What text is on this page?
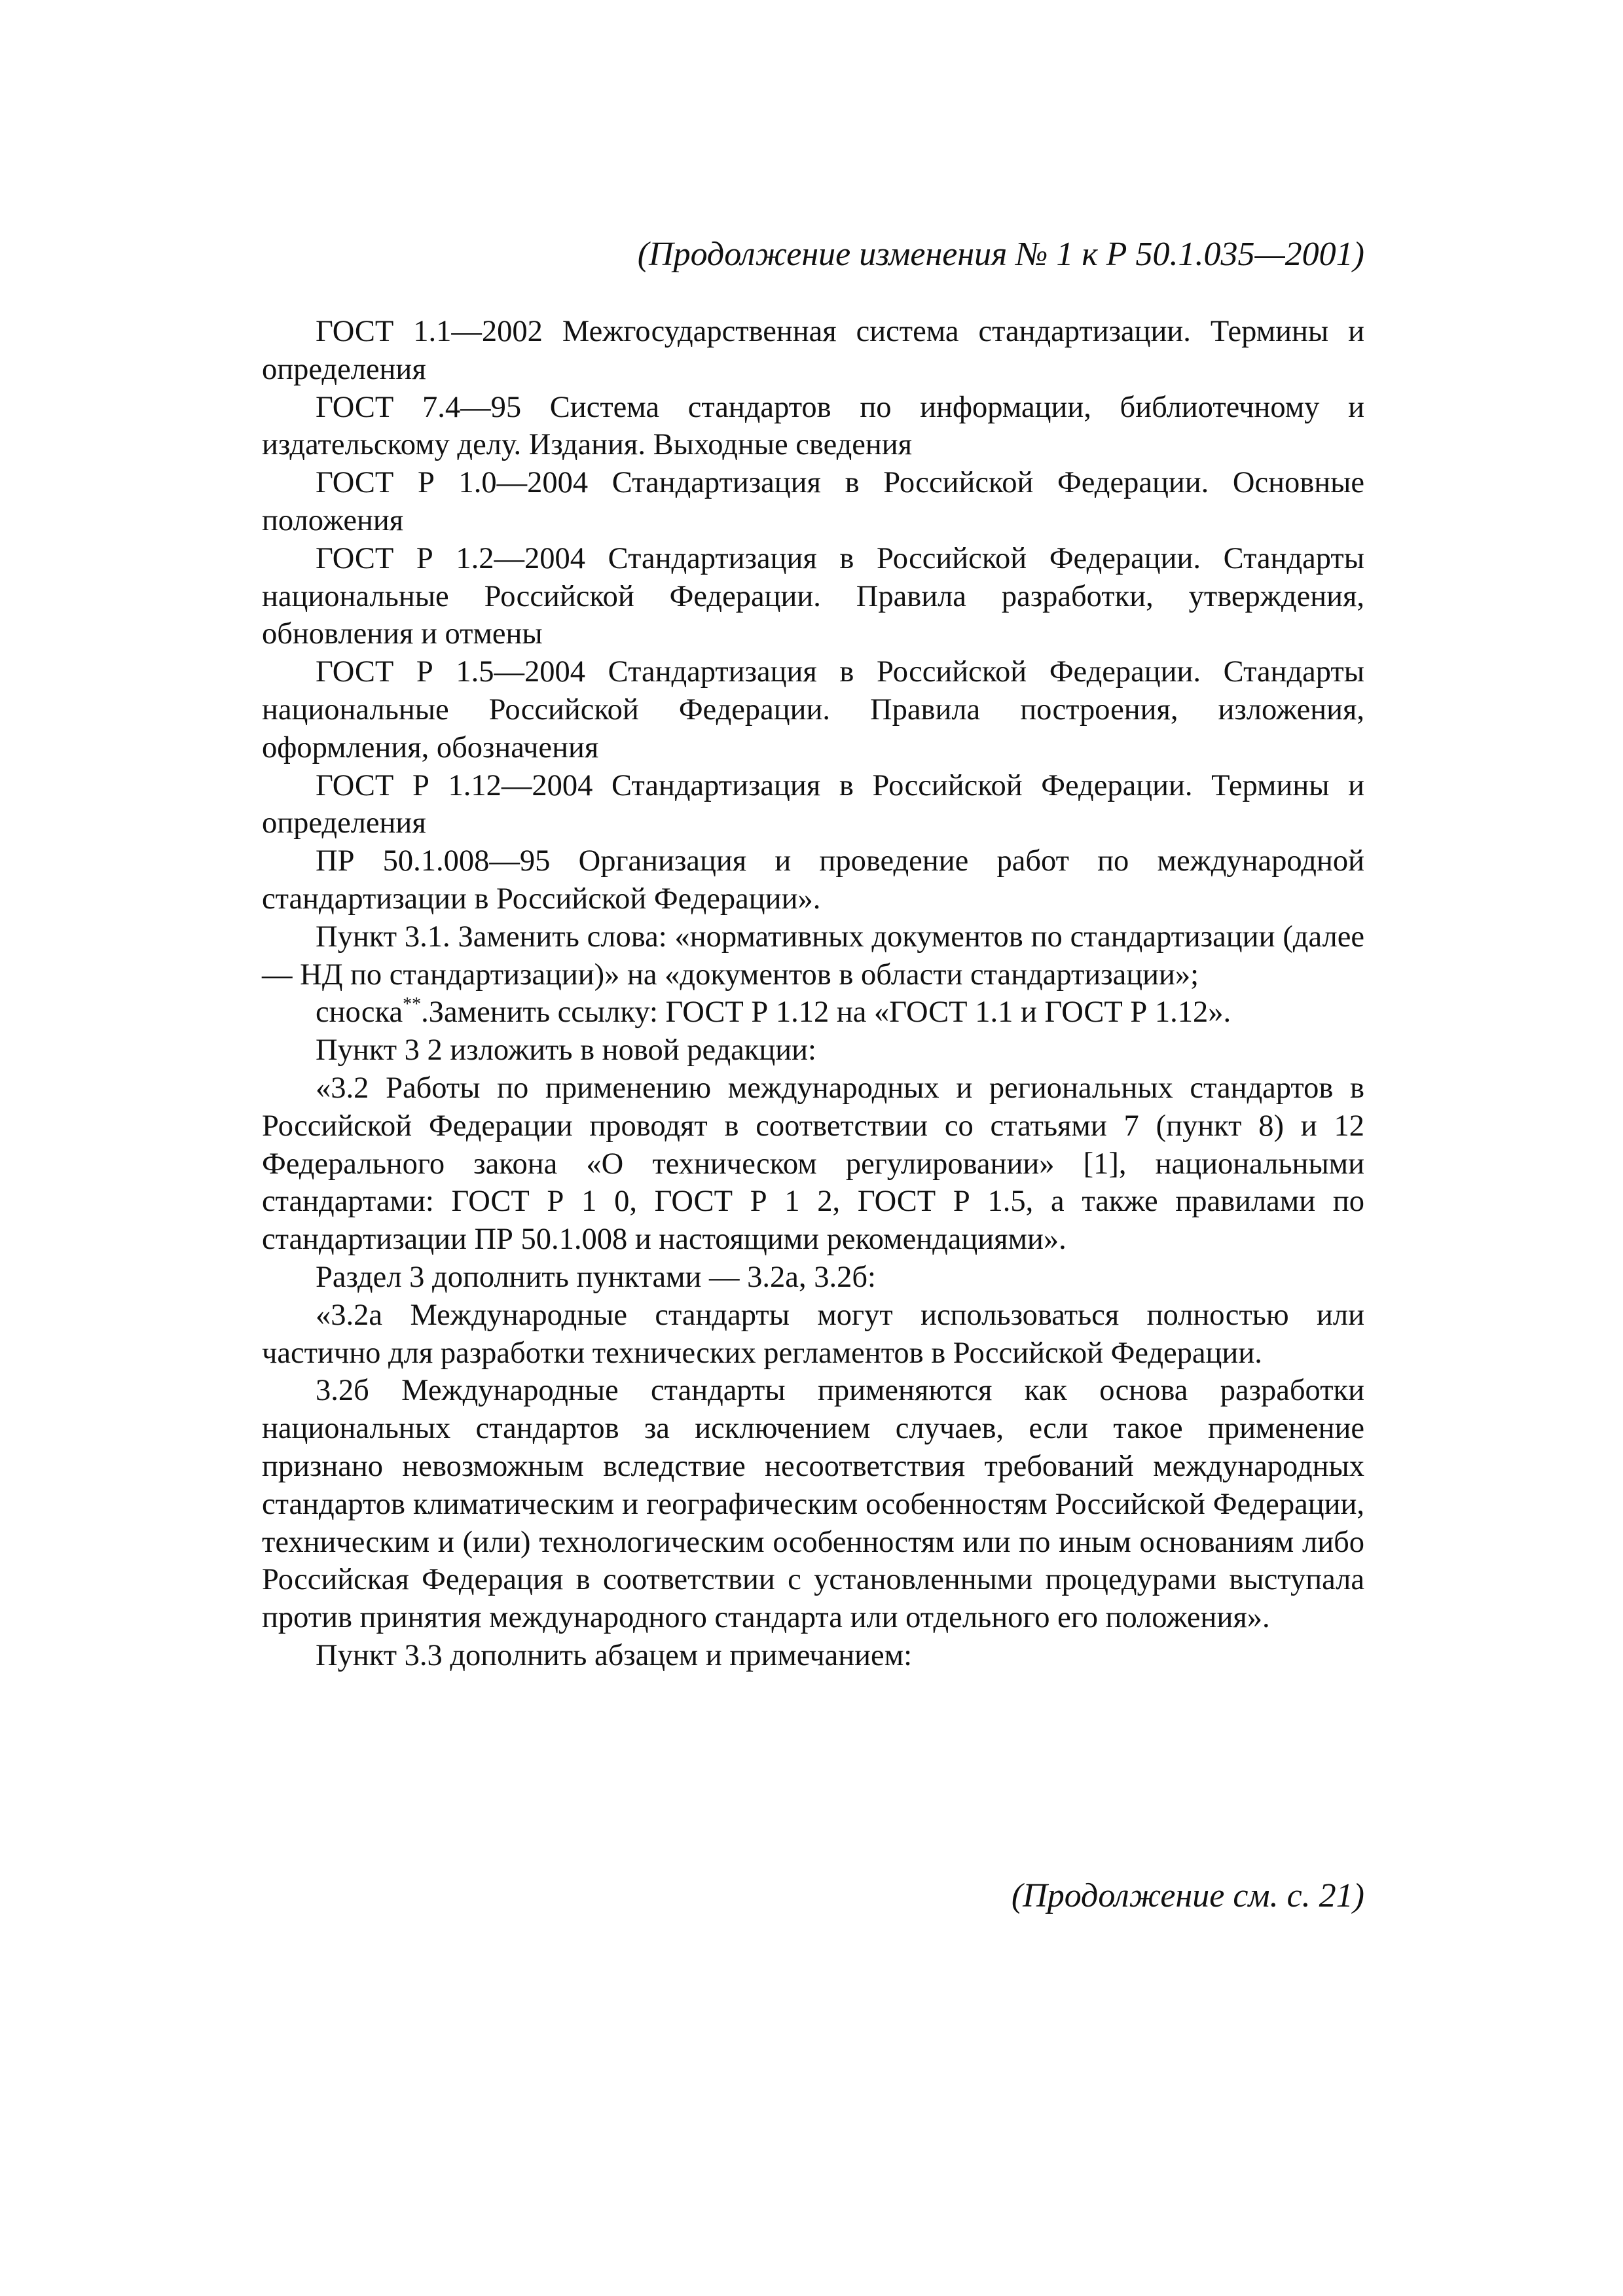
(Продолжение изменения № 1 к Р 50.1.035—2001)

ГОСТ 1.1—2002 Межгосударственная система стандартизации. Термины и определения

ГОСТ 7.4—95 Система стандартов по информации, библиотечному и издательскому делу. Издания. Выходные сведения

ГОСТ Р 1.0—2004 Стандартизация в Российской Федерации. Основные положения

ГОСТ Р 1.2—2004 Стандартизация в Российской Федерации. Стандарты национальные Российской Федерации. Правила разработки, утверждения, обновления и отмены

ГОСТ Р 1.5—2004 Стандартизация в Российской Федерации. Стандарты национальные Российской Федерации. Правила построения, изложения, оформления, обозначения

ГОСТ Р 1.12—2004 Стандартизация в Российской Федерации. Термины и определения

ПР 50.1.008—95 Организация и проведение работ по международной стандартизации в Российской Федерации».

Пункт 3.1. Заменить слова: «нормативных документов по стандартизации (далее — НД по стандартизации)» на «документов в области стандартизации»;

сноска**.Заменить ссылку: ГОСТ Р 1.12 на «ГОСТ 1.1 и ГОСТ Р 1.12».

Пункт 3 2 изложить в новой редакции:

«3.2 Работы по применению международных и региональных стандартов в Российской Федерации проводят в соответствии со статьями 7 (пункт 8) и 12 Федерального закона «О техническом регулировании» [1], национальными стандартами: ГОСТ Р 1 0, ГОСТ Р 1 2, ГОСТ Р 1.5, а также правилами по стандартизации ПР 50.1.008 и настоящими рекомендациями».

Раздел 3 дополнить пунктами — 3.2а, 3.2б:

«3.2а Международные стандарты могут использоваться полностью или частично для разработки технических регламентов в Российской Федерации.

3.2б Международные стандарты применяются как основа разработки национальных стандартов за исключением случаев, если такое применение признано невозможным вследствие несоответствия требований международных стандартов климатическим и географическим особенностям Российской Федерации, техническим и (или) технологическим особенностям или по иным основаниям либо Российская Федерация в соответствии с установленными процедурами выступала против принятия международного стандарта или отдельного его положения».

Пункт 3.3 дополнить абзацем и примечанием:

(Продолжение см. с. 21)
